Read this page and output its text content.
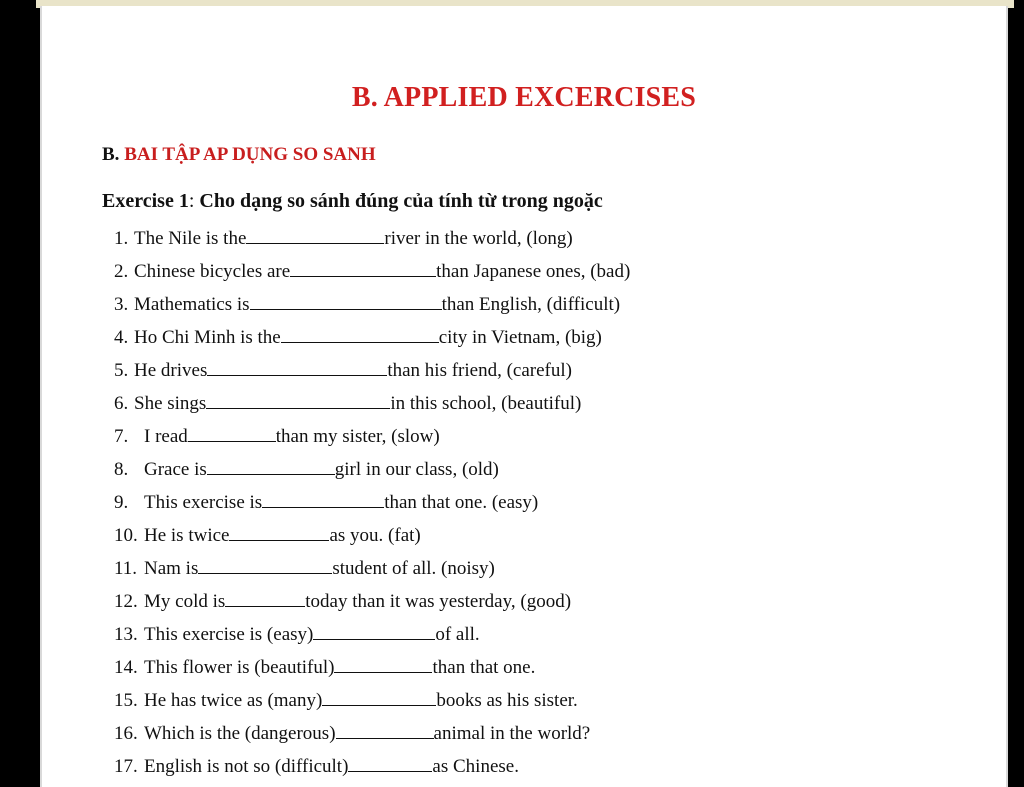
B. APPLIED EXCERCISES
B. BAI TẬP AP DỤNG SO SANH
Exercise 1: Cho dạng so sánh đúng của tính từ trong ngoặc
1. The Nile is the	river in the world, (long)
2. Chinese bicycles are	than Japanese ones, (bad)
3. Mathematics is	than English, (difficult)
4. Ho Chi Minh is the	city in Vietnam, (big)
5. He drives	than his friend, (careful)
6. She sings	in this school, (beautiful)
7. I read	than my sister, (slow)
8. Grace is	girl in our class, (old)
9. This exercise is	than that one. (easy)
10. He is twice	as you. (fat)
11. Nam is	student of all. (noisy)
12. My cold is	today than it was yesterday, (good)
13. This exercise is (easy)	of all.
14. This flower is (beautiful)	than that one.
15. He has twice as (many)	books as his sister.
16. Which is the (dangerous)	animal in the world?
17. English is not so (difficult)	as Chinese.
